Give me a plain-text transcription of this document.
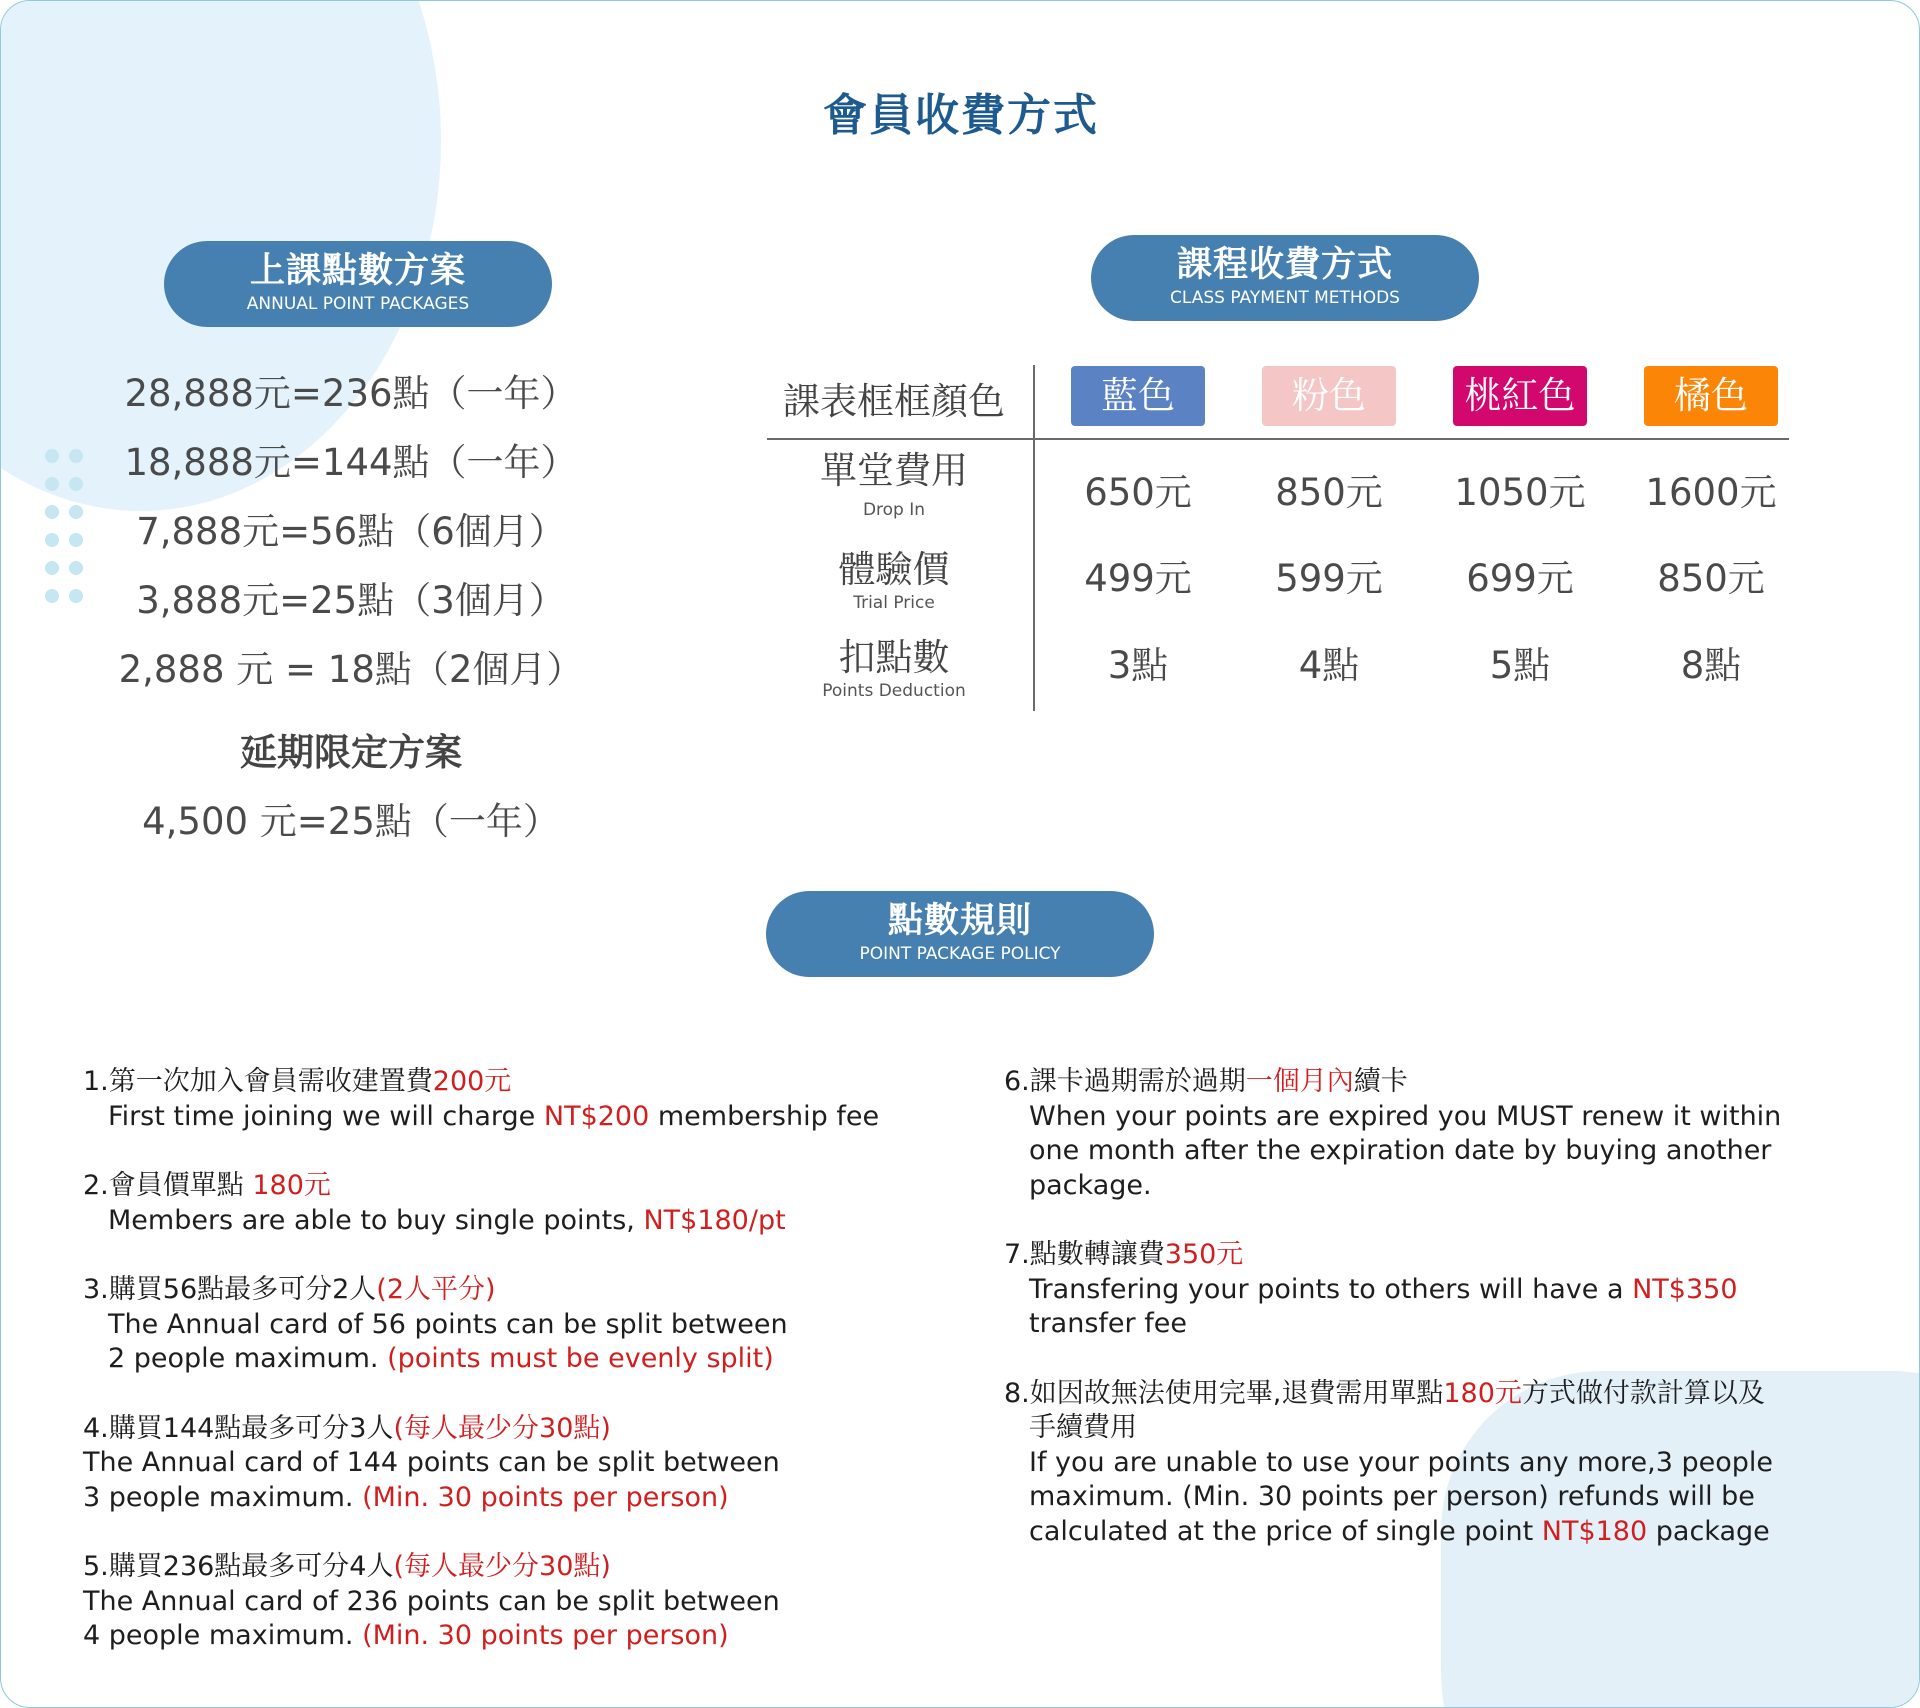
會員收費方式
上課點數方案
ANNUAL POINT PACKAGES
28,888元=236點（一年）
18,888元=144點（一年）
7,888元=56點（6個月）
3,888元=25點（3個月）
2,888 元 = 18點（2個月）
延期限定方案
4,500 元=25點（一年）
課程收費方式
CLASS PAYMENT METHODS
課表框框顏色	藍色	粉色	桃紅色	橘色
單堂費用
Drop In	650元	850元	1050元	1600元
體驗價
Trial Price
499元	599元	699元	850元
扣點數
Points Deduction
3點	4點	5點	8點
點數規則
POINT PACKAGE POLICY
1.第一次加入會員需收建置費200元
First time joining we will charge NT$200 membership fee
2.會員價單點 180元
Members are able to buy single points, NT$180/pt
3.購買56點最多可分2人(2人平分)
The Annual card of 56 points can be split between
2 people maximum. (points must be evenly split)
4.購買144點最多可分3人(每人最少分30點)
The Annual card of 144 points can be split between
3 people maximum. (Min. 30 points per person)
5.購買236點最多可分4人(每人最少分30點)
The Annual card of 236 points can be split between
4 people maximum. (Min. 30 points per person)
6.課卡過期需於過期一個月內續卡
When your points are expired you MUST renew it within
one month after the expiration date by buying another
package.
7.點數轉讓費350元
Transfering your points to others will have a NT$350
transfer fee
8.如因故無法使用完畢,退費需用單點180元方式做付款計算以及
手續費用
If you are unable to use your points any more,3 people
maximum. (Min. 30 points per person) refunds will be
calculated at the price of single point NT$180 package
